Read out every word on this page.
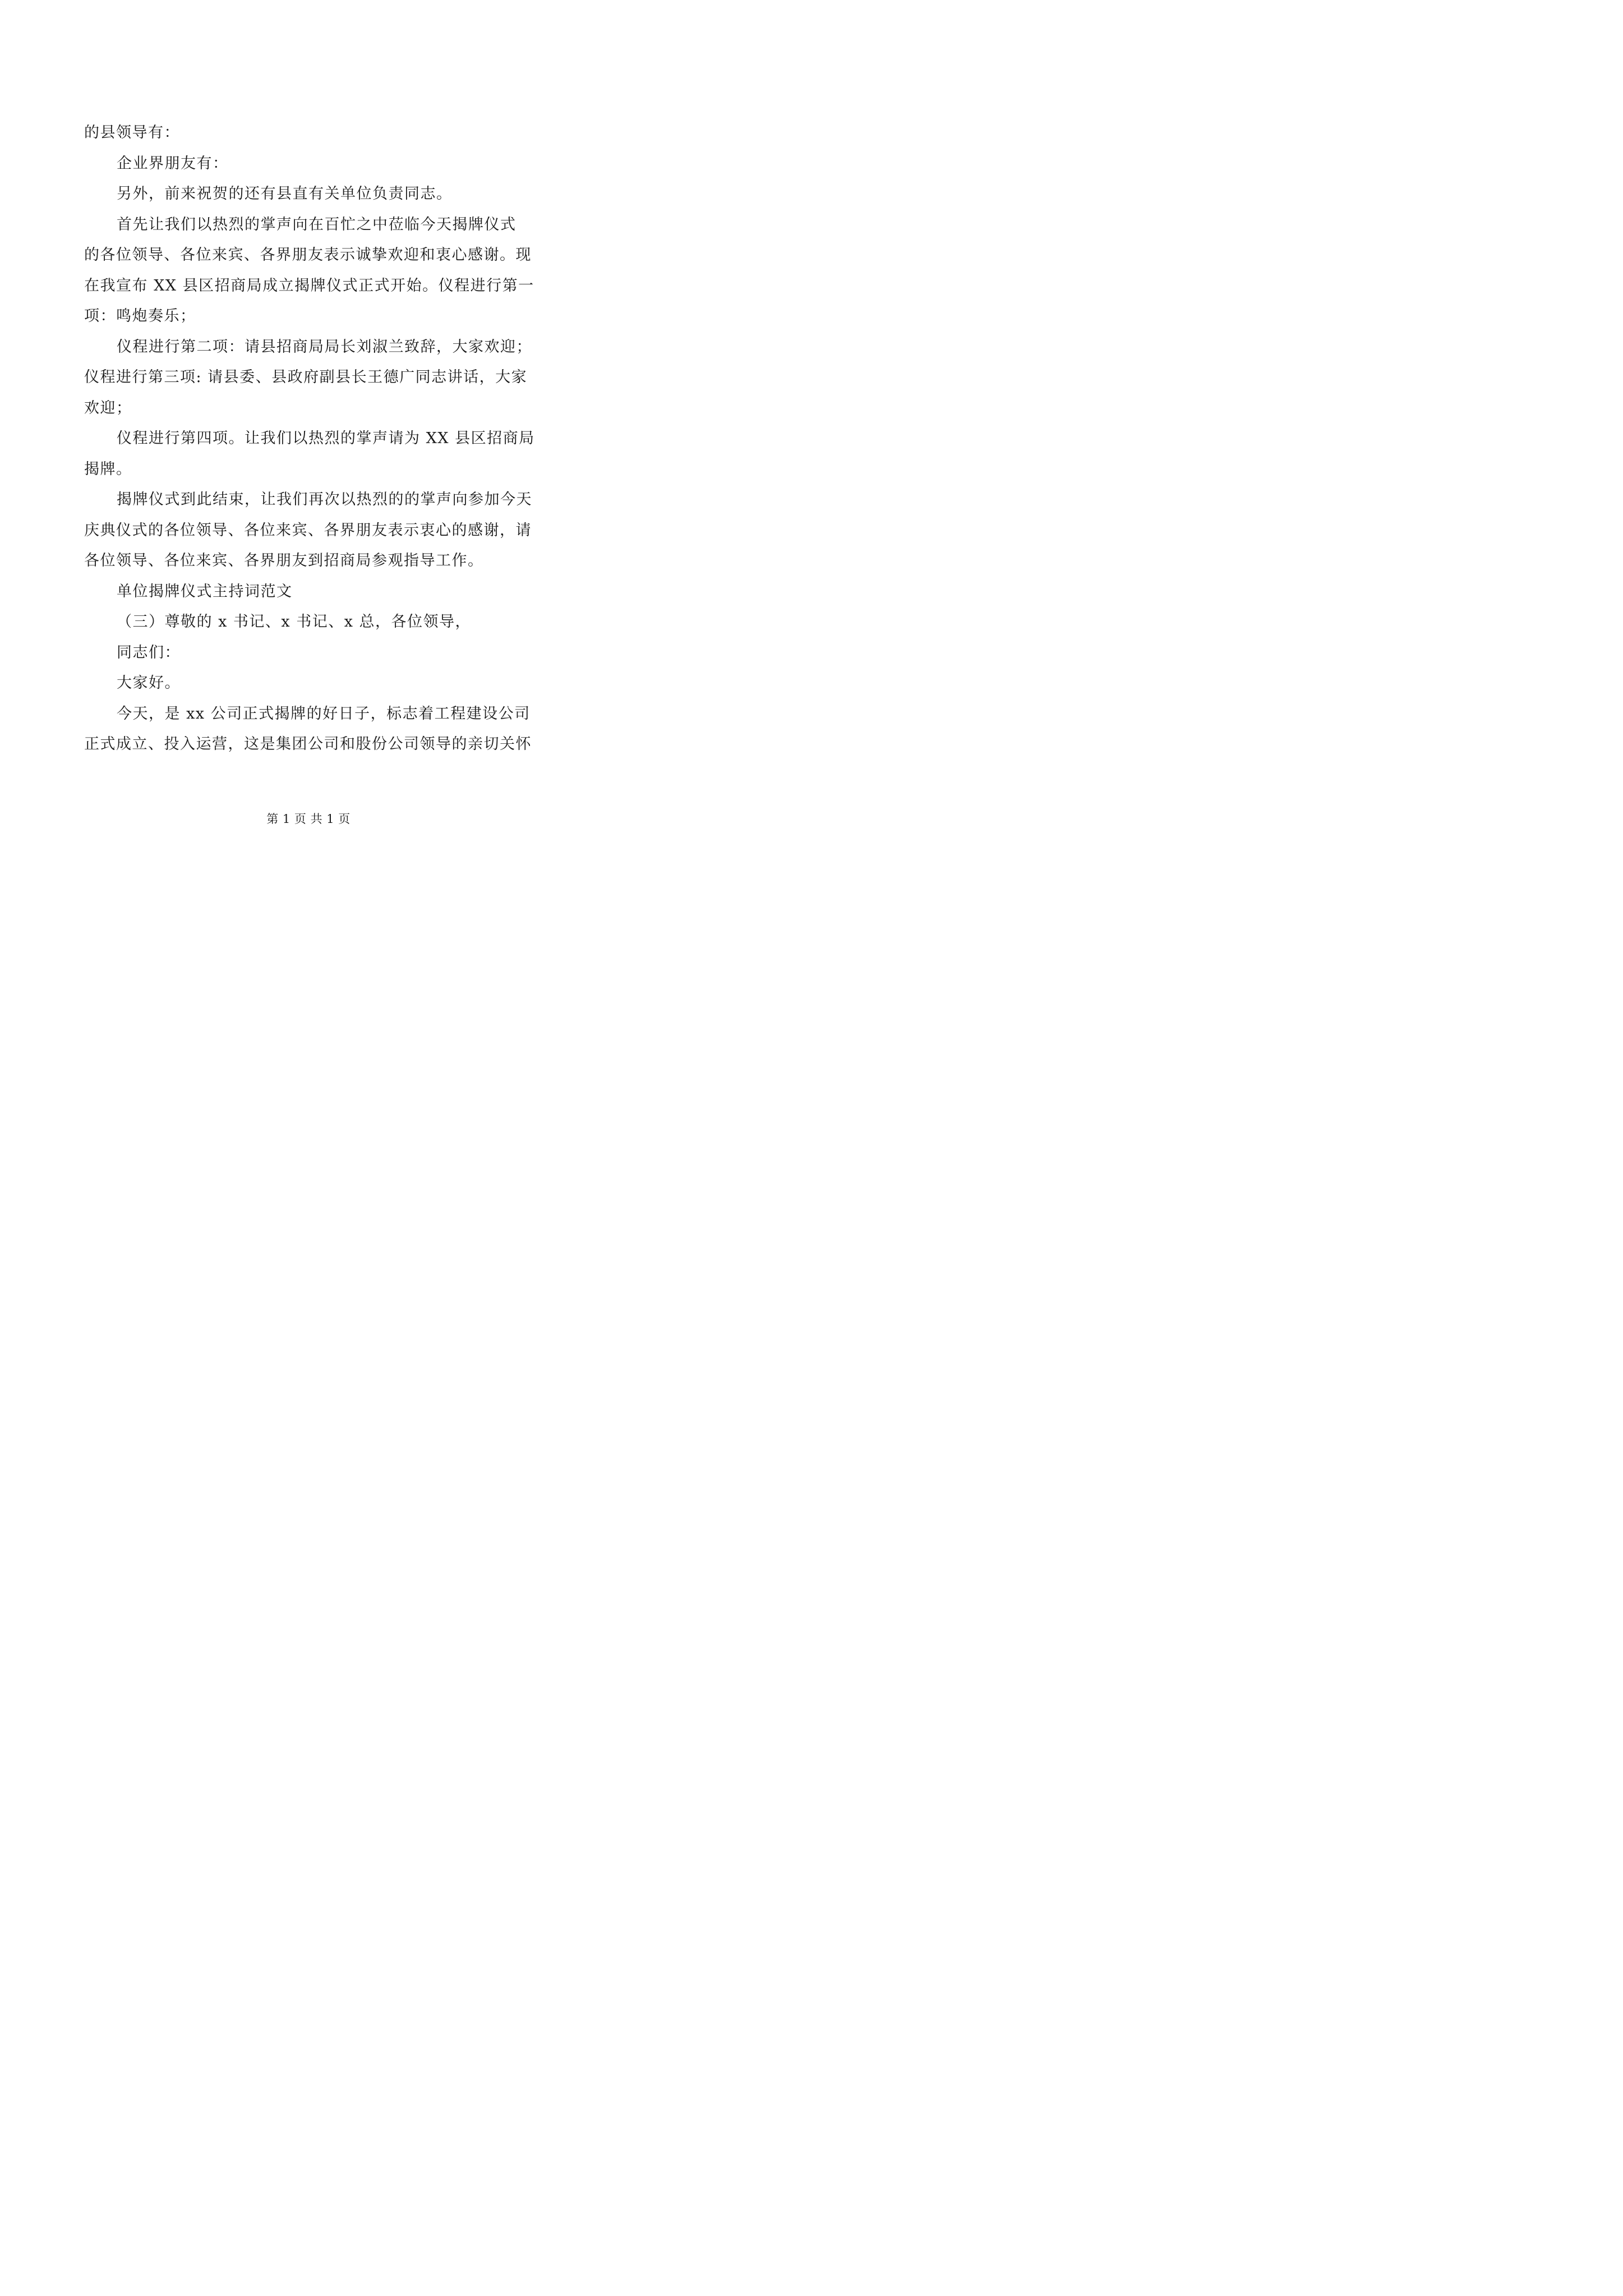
的县领导有：
企业界朋友有：
另外，前来祝贺的还有县直有关单位负责同志。
首先让我们以热烈的掌声向在百忙之中莅临今天揭牌仪式
的各位领导、各位来宾、各界朋友表示诚挚欢迎和衷心感谢。现
在我宣布 XX 县区招商局成立揭牌仪式正式开始。仪程进行第一
项：鸣炮奏乐；
仪程进行第二项：请县招商局局长刘淑兰致辞，大家欢迎；
仪程进行第三项: 请县委、县政府副县长王德广同志讲话，大家
欢迎；
仪程进行第四项。让我们以热烈的掌声请为 XX 县区招商局
揭牌。
揭牌仪式到此结束，让我们再次以热烈的的掌声向参加今天
庆典仪式的各位领导、各位来宾、各界朋友表示衷心的感谢，请
各位领导、各位来宾、各界朋友到招商局参观指导工作。
单位揭牌仪式主持词范文
（三）尊敬的 x 书记、x 书记、x 总，各位领导，
同志们：
大家好。
今天，是 xx 公司正式揭牌的好日子，标志着工程建设公司
正式成立、投入运营，这是集团公司和股份公司领导的亲切关怀
第 1 页 共 1 页
